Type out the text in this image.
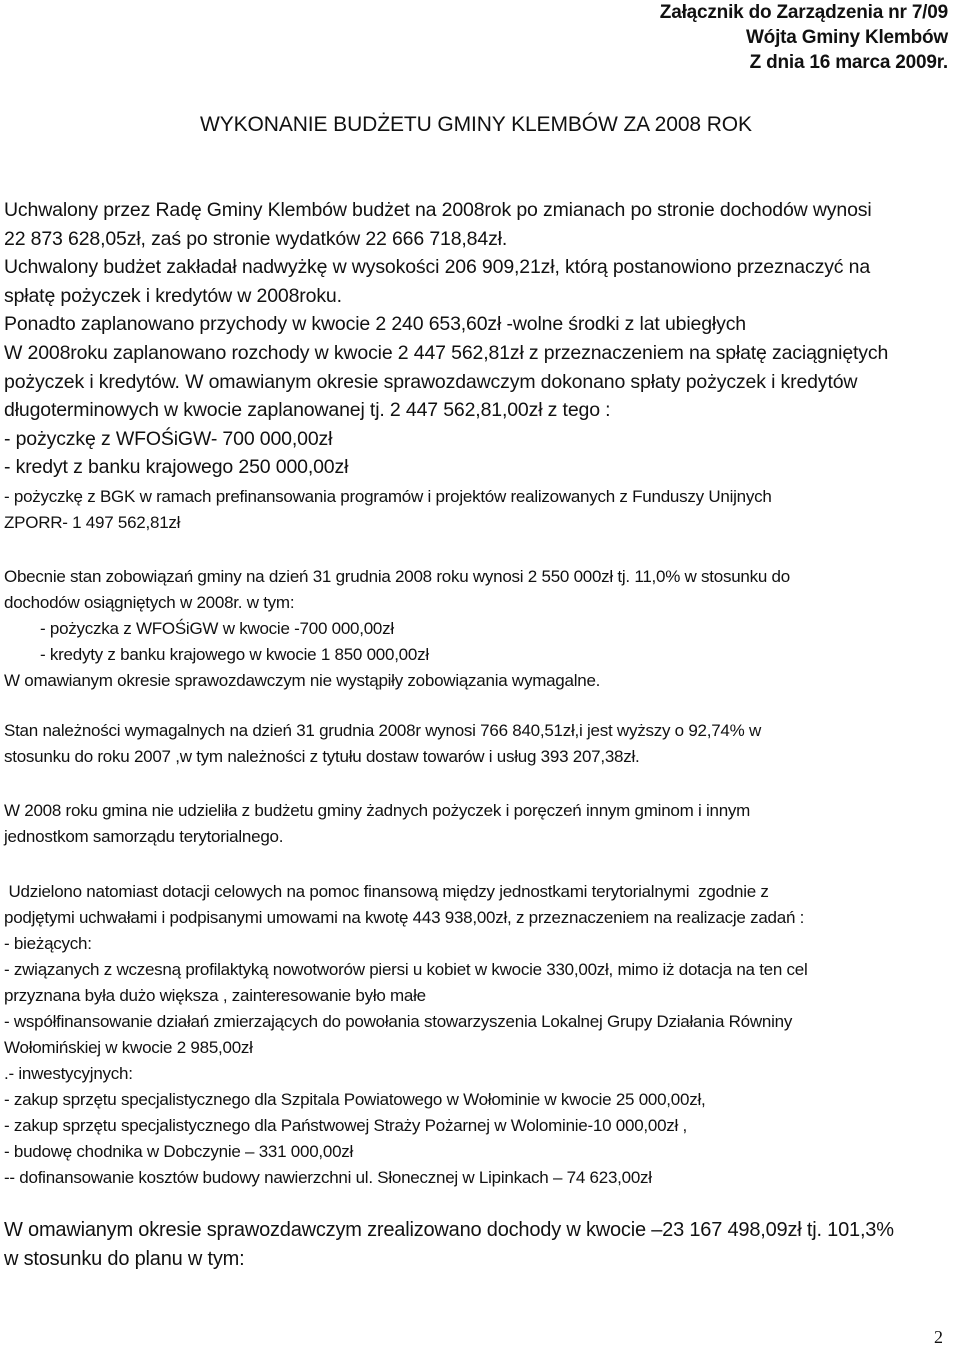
Załącznik do Zarządzenia nr 7/09
Wójta Gminy Klembów
Z dnia 16 marca 2009r.
WYKONANIE BUDŻETU GMINY KLEMBÓW ZA 2008 ROK
Uchwalony przez Radę Gminy Klembów budżet na 2008rok po zmianach po stronie dochodów wynosi
22 873 628,05zł, zaś po stronie wydatków 22 666 718,84zł.
Uchwalony budżet zakładał nadwyżkę w wysokości 206 909,21zł, którą postanowiono przeznaczyć na
spłatę pożyczek i kredytów w 2008roku.
Ponadto zaplanowano przychody w kwocie 2 240 653,60zł -wolne środki z lat ubiegłych
W 2008roku zaplanowano rozchody w kwocie 2 447 562,81zł z przeznaczeniem na spłatę zaciągniętych
pożyczek i kredytów. W omawianym okresie sprawozdawczym dokonano spłaty pożyczek i kredytów
długoterminowych w kwocie zaplanowanej tj. 2 447 562,81,00zł z tego :
- pożyczkę z WFOŚiGW- 700 000,00zł
- kredyt z banku krajowego 250 000,00zł
- pożyczkę z BGK w ramach prefinansowania programów i projektów realizowanych z Funduszy Unijnych
ZPORR- 1 497 562,81zł
Obecnie stan zobowiązań gminy na dzień 31 grudnia 2008 roku wynosi 2 550 000zł tj. 11,0% w stosunku do
dochodów osiągniętych w 2008r. w tym:
- pożyczka z WFOŚiGW w kwocie -700 000,00zł
- kredyty z banku krajowego w kwocie 1 850 000,00zł
W omawianym okresie sprawozdawczym nie wystąpiły zobowiązania wymagalne.
Stan należności wymagalnych na dzień 31 grudnia 2008r wynosi 766 840,51zł,i jest wyższy o 92,74% w
stosunku do roku 2007 ,w tym należności z tytułu dostaw towarów i usług 393 207,38zł.
W 2008 roku gmina nie udzieliła z budżetu gminy żadnych pożyczek i poręczeń innym gminom i innym
jednostkom samorządu terytorialnego.
Udzielono natomiast dotacji celowych na pomoc finansową między jednostkami terytorialnymi  zgodnie z
podjętymi uchwałami i podpisanymi umowami na kwotę 443 938,00zł, z przeznaczeniem na realizacje zadań :
- bieżących:
- związanych z wczesną profilaktyką nowotworów piersi u kobiet w kwocie 330,00zł, mimo iż dotacja na ten cel
przyznana była dużo większa , zainteresowanie było małe
- współfinansowanie działań zmierzających do powołania stowarzyszenia Lokalnej Grupy Działania Równiny
Wołomińskiej w kwocie 2 985,00zł
.- inwestycyjnych:
- zakup sprzętu specjalistycznego dla Szpitala Powiatowego w Wołominie w kwocie 25 000,00zł,
- zakup sprzętu specjalistycznego dla Państwowej Straży Pożarnej w Wolominie-10 000,00zł ,
- budowę chodnika w Dobczynie – 331 000,00zł
-- dofinansowanie kosztów budowy nawierzchni ul. Słonecznej w Lipinkach – 74 623,00zł
W omawianym okresie sprawozdawczym zrealizowano dochody w kwocie –23 167 498,09zł tj. 101,3%
w stosunku do planu w tym:
2
